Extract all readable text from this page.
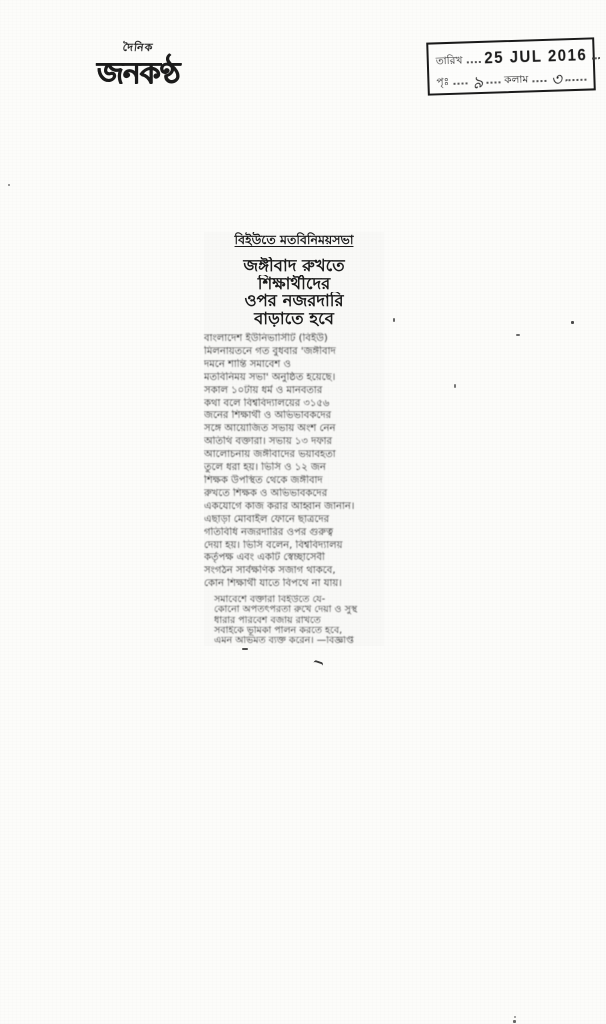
দৈনিক
জনকণ্ঠ	তারিখ 25 JUL 2016
পৃঃ ৯ কলাম ৩
বিইউতে মতবিনিময়সভা
জঙ্গীবাদ রুখতে
শিক্ষার্থীদের
ওপর নজরদারি
বাড়াতে হবে
বাংলাদেশ ইউনিভার্সিটি (বিইউ)
মিলনায়তনে গত বুধবার 'জঙ্গীবাদ
দমনে শান্তি সমাবেশ ও
মতবিনিময় সভা' অনুষ্ঠিত হয়েছে।
সকাল ১০টায় ধর্ম ও মানবতার
কথা বলে বিশ্ববিদ্যালয়ের ৩১৫৬
জনের শিক্ষার্থী ও অভিভাবকদের
সঙ্গে আয়োজিত সভায় অংশ নেন
অতিথি বক্তারা। সভায় ১৩ দফার
আলোচনায় জঙ্গীবাদের ভয়াবহতা
তুলে ধরা হয়। ভিসি ও ১২ জন
শিক্ষক উপস্থিত থেকে জঙ্গীবাদ
রুখতে শিক্ষক ও অভিভাবকদের
একযোগে কাজ করার আহ্বান জানান।
এছাড়া মোবাইল ফোনে ছাত্রদের
গতিবিধি নজরদারির ওপর গুরুত্ব
দেয়া হয়। ভিসি বলেন, বিশ্ববিদ্যালয়
কর্তৃপক্ষ এবং একটি স্বেচ্ছাসেবী
সংগঠন সার্বক্ষণিক সজাগ থাকবে,
কোন শিক্ষার্থী যাতে বিপথে না যায়।
সমাবেশে বক্তারা বিইউতে যে-
কোনো অপতৎপরতা রুখে দেয়া ও সুস্থ
ধারার পরিবেশ বজায় রাখতে
সবাইকে ভূমিকা পালন করতে হবে,
এমন অভিমত ব্যক্ত করেন। —বিজ্ঞপ্তি
